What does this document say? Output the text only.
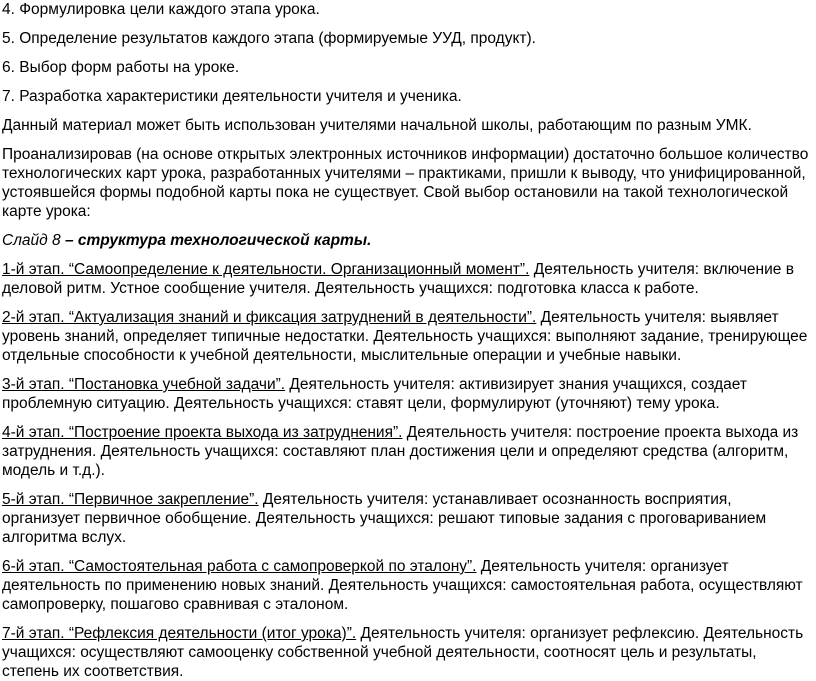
4. Формулировка цели каждого этапа урока.

5. Определение результатов каждого этапа (формируемые УУД, продукт).

6. Выбор форм работы на уроке.

7. Разработка характеристики деятельности учителя и ученика.

Данный материал может быть использован учителями начальной школы, работающим по разным УМК.

Проанализировав (на основе открытых электронных источников информации) достаточно большое количество технологических карт урока, разработанных учителями – практиками, пришли к выводу, что унифицированной, устоявшейся формы подобной карты пока не существует. Свой выбор остановили на такой технологической карте урока:

Слайд 8 – структура технологической карты.

1-й этап. “Самоопределение к деятельности. Организационный момент”. Деятельность учителя: включение в деловой ритм. Устное сообщение учителя. Деятельность учащихся: подготовка класса к работе.

2-й этап. “Актуализация знаний и фиксация затруднений в деятельности”. Деятельность учителя: выявляет уровень знаний, определяет типичные недостатки. Деятельность учащихся: выполняют задание, тренирующее отдельные способности к учебной деятельности, мыслительные операции и учебные навыки.

3-й этап. “Постановка учебной задачи”. Деятельность учителя: активизирует знания учащихся, создает проблемную ситуацию. Деятельность учащихся: ставят цели, формулируют (уточняют) тему урока.

4-й этап. “Построение проекта выхода из затруднения”. Деятельность учителя: построение проекта выхода из затруднения. Деятельность учащихся: составляют план достижения цели и определяют средства (алгоритм, модель и т.д.).

5-й этап. “Первичное закрепление”. Деятельность учителя: устанавливает осознанность восприятия, организует первичное обобщение. Деятельность учащихся: решают типовые задания с проговариванием алгоритма вслух.

6-й этап. “Самостоятельная работа с самопроверкой по эталону”. Деятельность учителя: организует деятельность по применению новых знаний. Деятельность учащихся: самостоятельная работа, осуществляют самопроверку, пошагово сравнивая с эталоном.

7-й этап. “Рефлексия деятельности (итог урока)”. Деятельность учителя: организует рефлексию. Деятельность учащихся: осуществляют самооценку собственной учебной деятельности, соотносят цель и результаты, степень их соответствия.
